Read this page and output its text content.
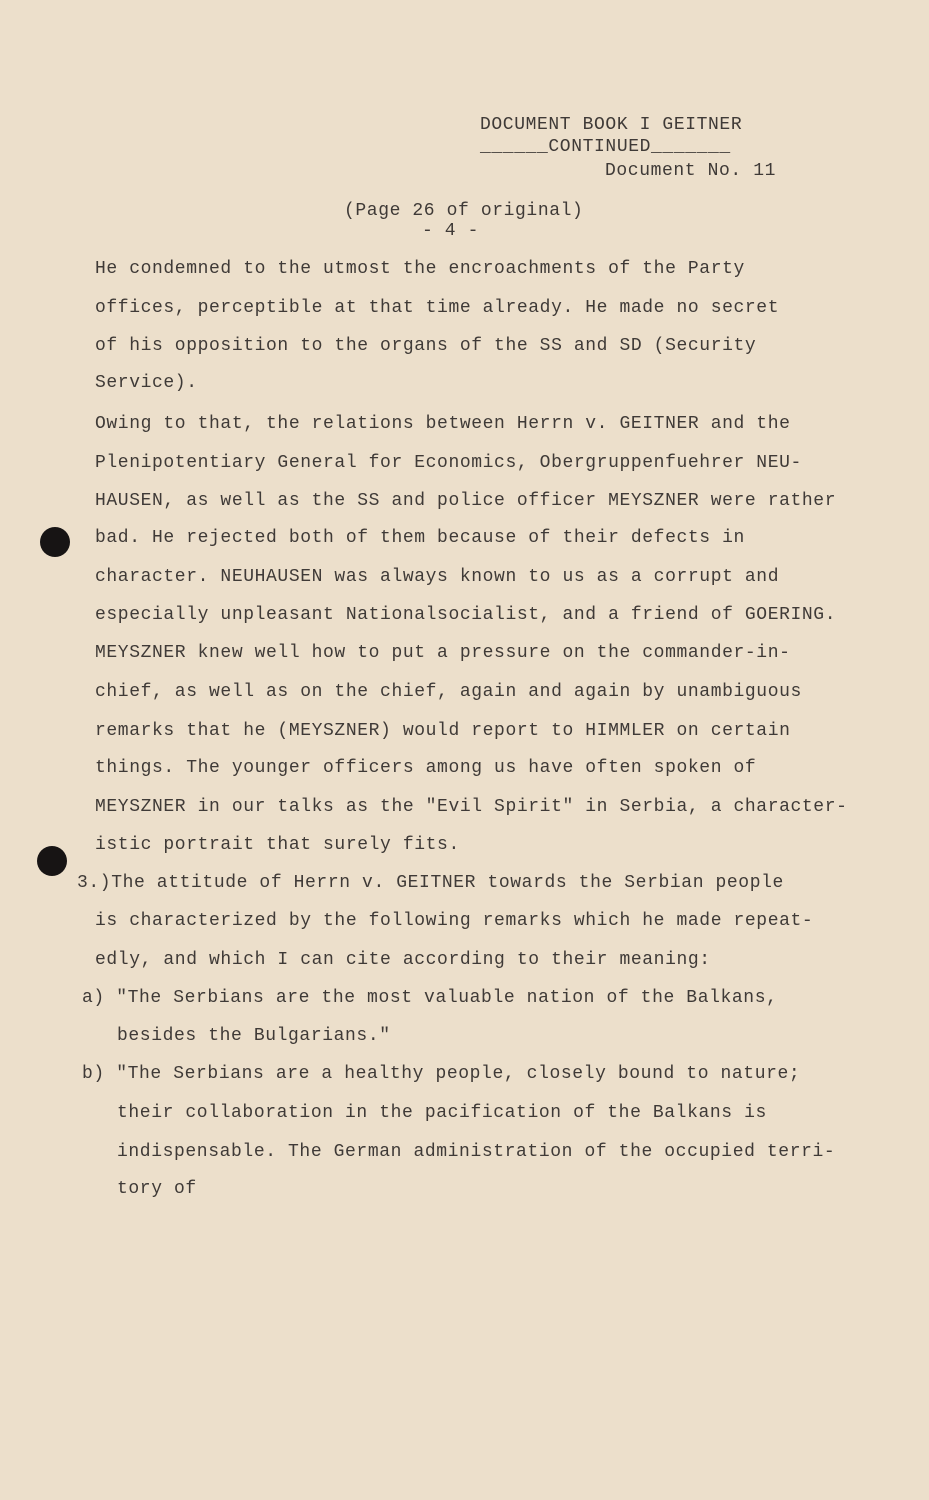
DOCUMENT BOOK I GEITNER
______CONTINUED_______
Document No. 11
(Page 26 of original)
- 4 -
He condemned to the utmost the encroachments of the Party
offices, perceptible at that time already. He made no secret
of his opposition to the organs of the SS and SD (Security
Service).
Owing to that, the relations between Herrn v. GEITNER and the
Plenipotentiary General for Economics, Obergruppenfuehrer NEU-
HAUSEN, as well as the SS and police officer MEYSZNER were rather
bad. He rejected both of them because of their defects in
character. NEUHAUSEN was always known to us as a corrupt and
especially unpleasant Nationalsocialist, and a friend of GOERING.
MEYSZNER knew well how to put a pressure on the commander-in-
chief, as well as on the chief, again and again by unambiguous
remarks that he (MEYSZNER) would report to HIMMLER on certain
things. The younger officers among us have often spoken of
MEYSZNER in our talks as the "Evil Spirit" in Serbia, a character-
istic portrait that surely fits.
3.)The attitude of Herrn v. GEITNER towards the Serbian people
is characterized by the following remarks which he made repeat-
edly, and which I can cite according to their meaning:
a) "The Serbians are the most valuable nation of the Balkans,
besides the Bulgarians."
b) "The Serbians are a healthy people, closely bound to nature;
their collaboration in the pacification of the Balkans is
indispensable. The German administration of the occupied terri-
tory of
